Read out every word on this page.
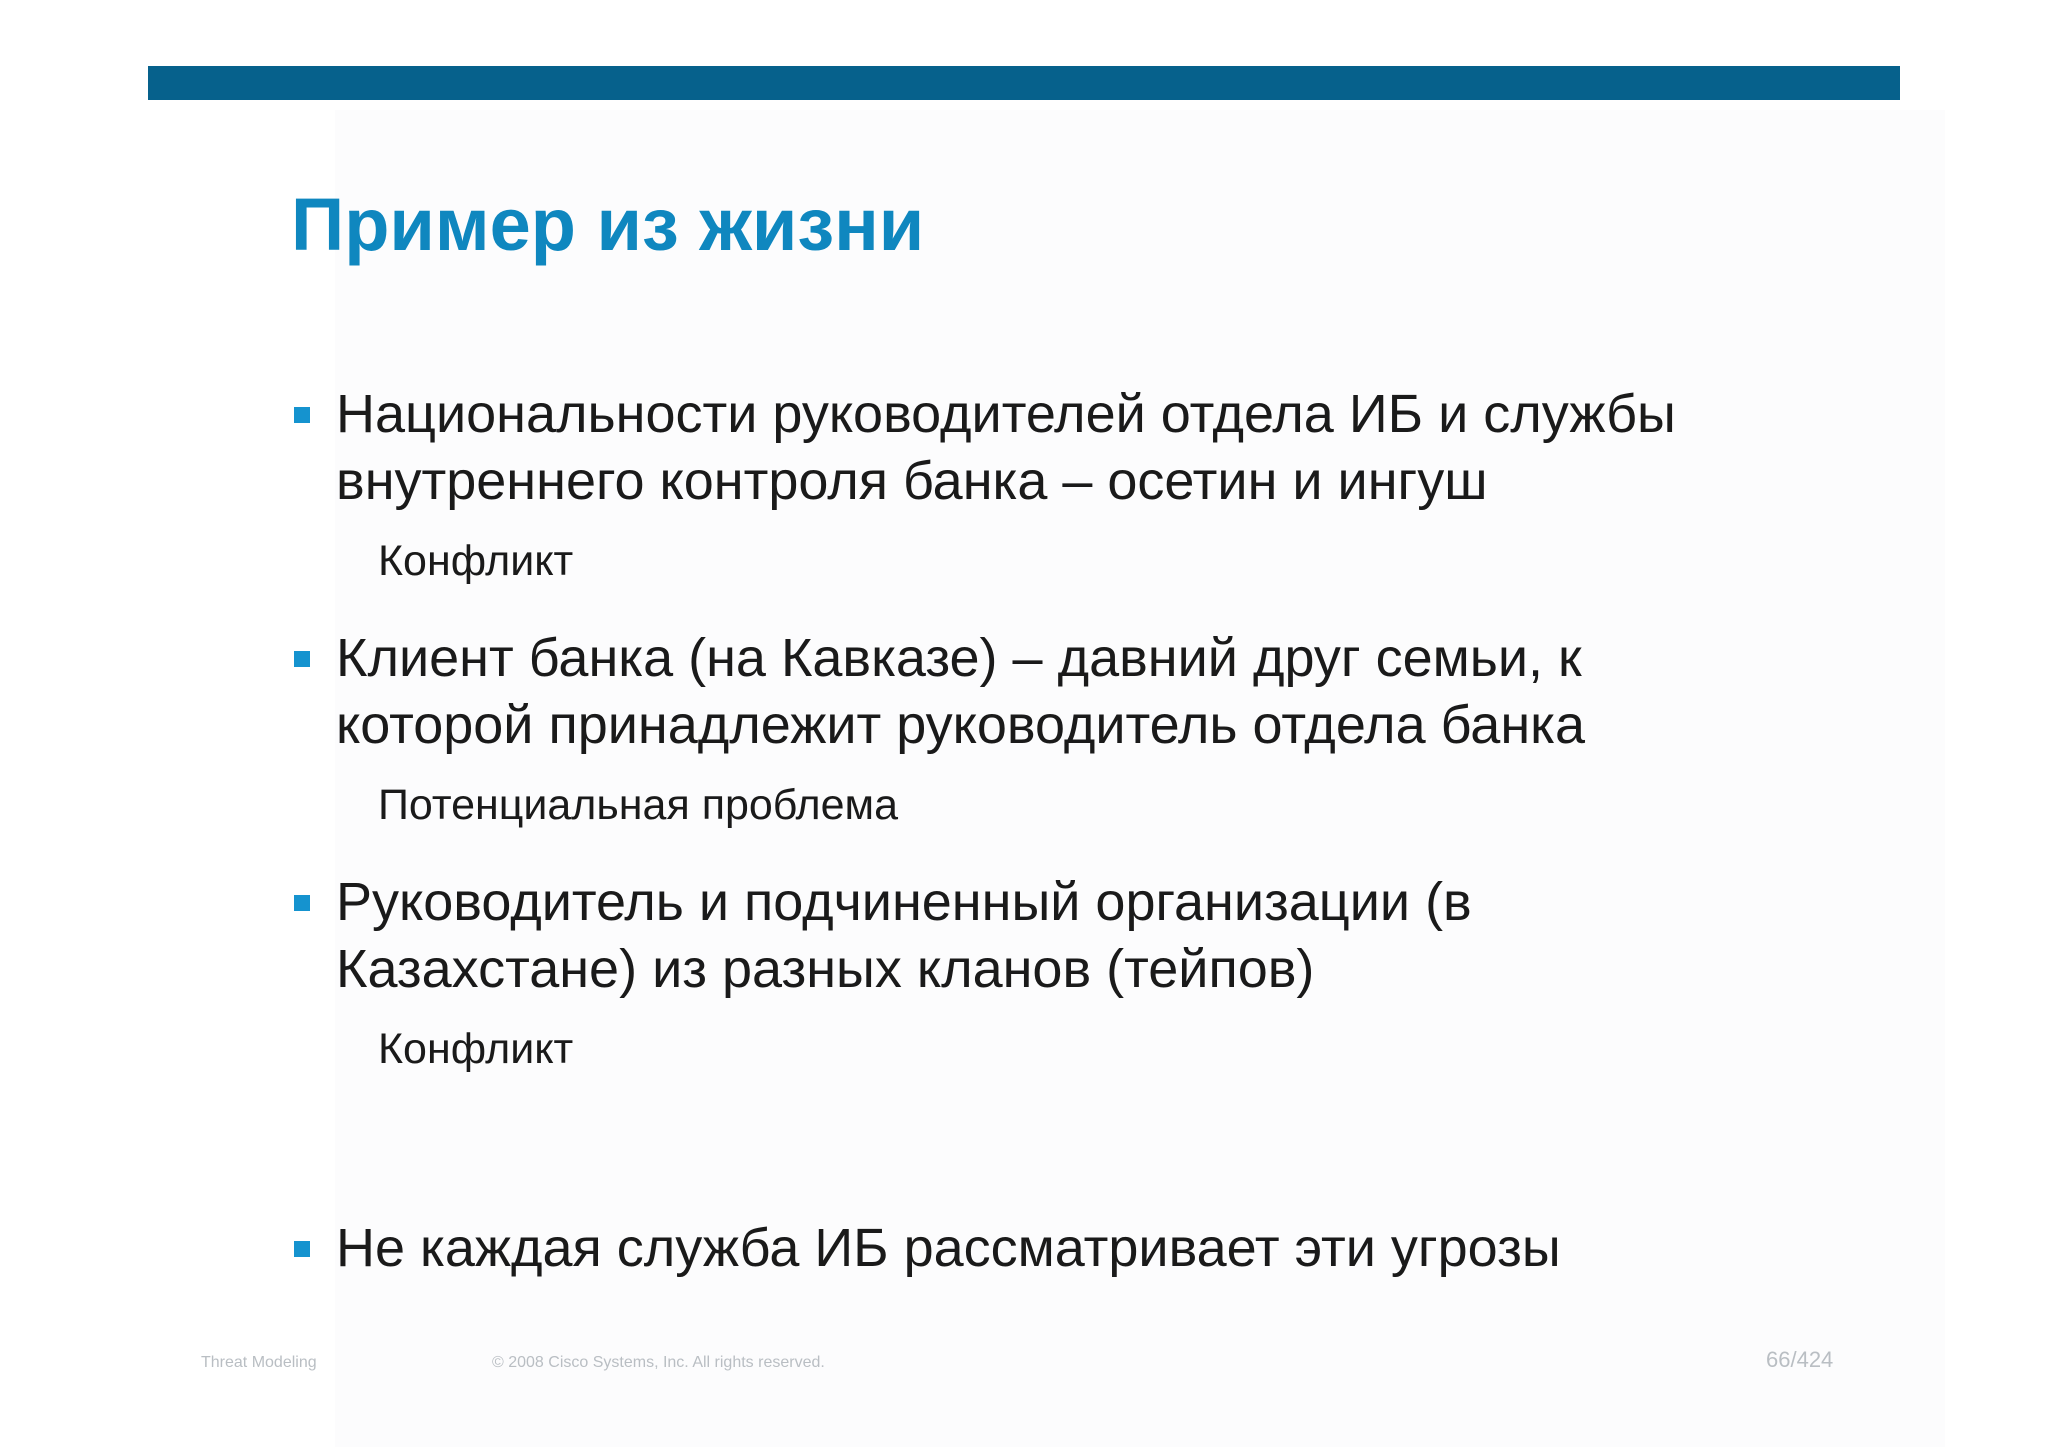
Пример из жизни
Национальности руководителей отдела ИБ и службы
внутреннего контроля банка – осетин и ингуш
Конфликт
Клиент банка (на Кавказе) – давний друг семьи, к
которой принадлежит руководитель отдела банка
Потенциальная проблема
Руководитель и подчиненный организации (в
Казахстане) из разных кланов (тейпов)
Конфликт
Не каждая служба ИБ рассматривает эти угрозы
Threat Modeling	© 2008 Cisco Systems, Inc. All rights reserved.	66/424
